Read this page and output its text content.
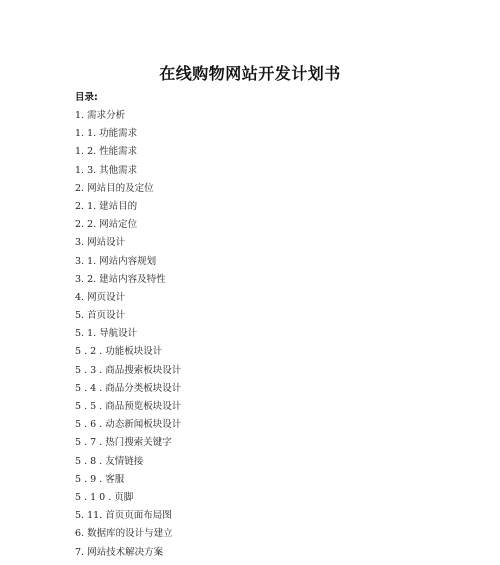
在线购物网站开发计划书
目录:
1. 需求分析
1. 1. 功能需求
1. 2. 性能需求
1. 3. 其他需求
2. 网站目的及定位
2. 1. 建站目的
2. 2. 网站定位
3. 网站设计
3. 1. 网站内容规划
3. 2. 建站内容及特性
4. 网页设计
5. 首页设计
5. 1. 导航设计
5 . 2 . 功能板块设计
5 . 3 . 商品搜索板块设计
5 . 4 . 商品分类板块设计
5 . 5 . 商品预览板块设计
5 . 6 . 动态新闻板块设计
5 . 7 . 热门搜索关键字
5 . 8 . 友情链接
5 . 9 . 客服
5 . 1 0 . 页脚
5. 11. 首页页面布局图
6. 数据库的设计与建立
7. 网站技术解决方案
